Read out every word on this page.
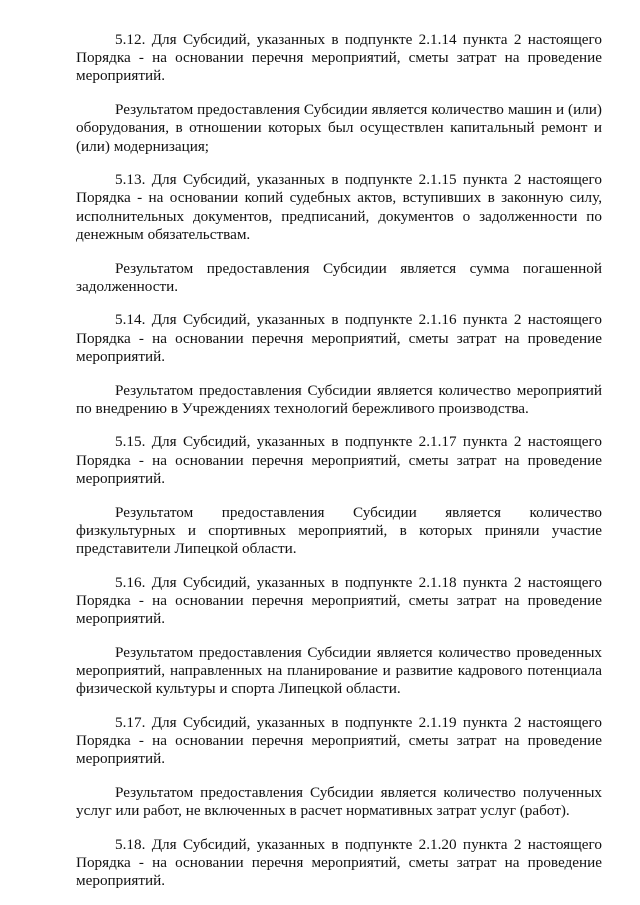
5.12. Для Субсидий, указанных в подпункте 2.1.14 пункта 2 настоящего Порядка - на основании перечня мероприятий, сметы затрат на проведение мероприятий.

Результатом предоставления Субсидии является количество машин и (или) оборудования, в отношении которых был осуществлен капитальный ремонт и (или) модернизация;

5.13. Для Субсидий, указанных в подпункте 2.1.15 пункта 2 настоящего Порядка - на основании копий судебных актов, вступивших в законную силу, исполнительных документов, предписаний, документов о задолженности по денежным обязательствам.

Результатом предоставления Субсидии является сумма погашенной задолженности.

5.14. Для Субсидий, указанных в подпункте 2.1.16 пункта 2 настоящего Порядка - на основании перечня мероприятий, сметы затрат на проведение мероприятий.

Результатом предоставления Субсидии является количество мероприятий по внедрению в Учреждениях технологий бережливого производства.

5.15. Для Субсидий, указанных в подпункте 2.1.17 пункта 2 настоящего Порядка - на основании перечня мероприятий, сметы затрат на проведение мероприятий.

Результатом предоставления Субсидии является количество физкультурных и спортивных мероприятий, в которых приняли участие представители Липецкой области.

5.16. Для Субсидий, указанных в подпункте 2.1.18 пункта 2 настоящего Порядка - на основании перечня мероприятий, сметы затрат на проведение мероприятий.

Результатом предоставления Субсидии является количество проведенных мероприятий, направленных на планирование и развитие кадрового потенциала физической культуры и спорта Липецкой области.

5.17. Для Субсидий, указанных в подпункте 2.1.19 пункта 2 настоящего Порядка - на основании перечня мероприятий, сметы затрат на проведение мероприятий.

Результатом предоставления Субсидии является количество полученных услуг или работ, не включенных в расчет нормативных затрат услуг (работ).

5.18. Для Субсидий, указанных в подпункте 2.1.20 пункта 2 настоящего Порядка - на основании перечня мероприятий, сметы затрат на проведение мероприятий.
